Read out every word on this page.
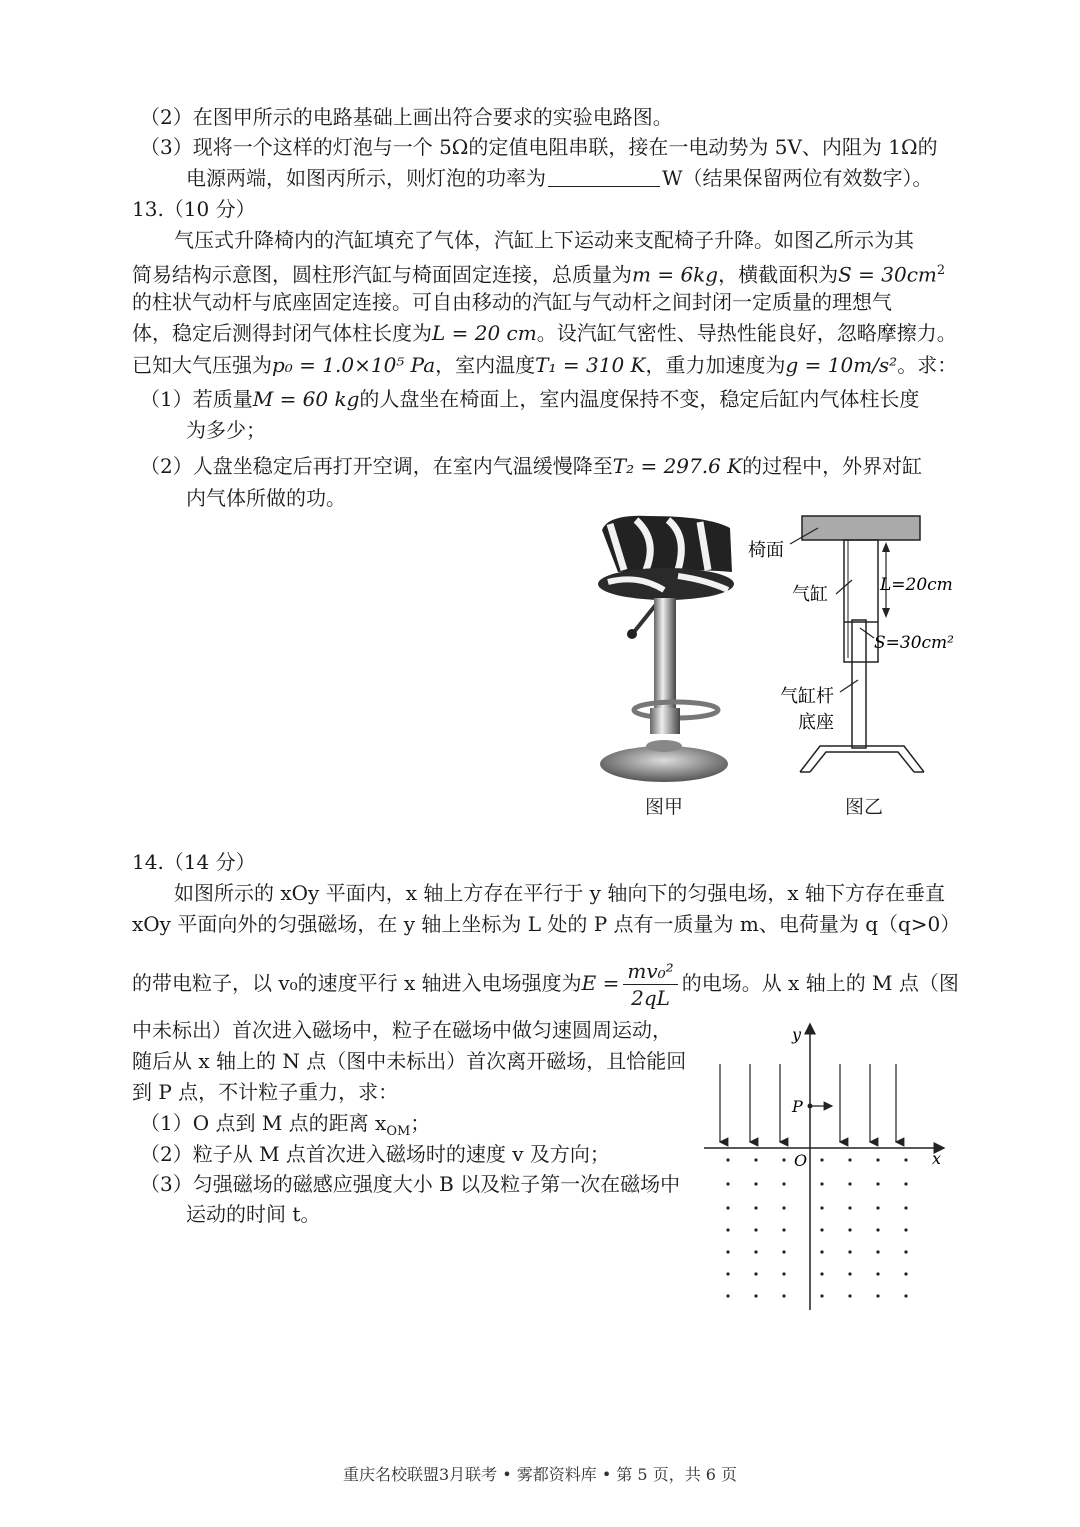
（2）在图甲所示的电路基础上画出符合要求的实验电路图。
（3）现将一个这样的灯泡与一个 5Ω的定值电阻串联，接在一电动势为 5V、内阻为 1Ω的
电源两端，如图丙所示，则灯泡的功率为	W（结果保留两位有效数字）。
13.（10 分）
气压式升降椅内的汽缸填充了气体，汽缸上下运动来支配椅子升降。如图乙所示为其
简易结构示意图，圆柱形汽缸与椅面固定连接，总质量为m = 6kg，横截面积为$S = 30cm^2$
的柱状气动杆与底座固定连接。可自由移动的汽缸与气动杆之间封闭一定质量的理想气
体，稳定后测得封闭气体柱长度为L = 20 cm。设汽缸气密性、导热性能良好，忽略摩擦力。
已知大气压强为p₀ = 1.0×10⁵ Pa，室内温度T₁ = 310 K，重力加速度为g = 10m/s²。求：
（1）若质量M = 60 kg的人盘坐在椅面上，室内温度保持不变，稳定后缸内气体柱长度
为多少；
（2）人盘坐稳定后再打开空调，在室内气温缓慢降至T₂ = 297.6 K的过程中，外界对缸
内气体所做的功。
图甲
椅面
气缸	L=20cm
S=30cm²
气缸杆
底座
图乙
14.（14 分）
如图所示的 xOy 平面内，x 轴上方存在平行于 y 轴向下的匀强电场，x 轴下方存在垂直
xOy 平面向外的匀强磁场，在 y 轴上坐标为 L 处的 P 点有一质量为 m、电荷量为 q（q>0）
的带电粒子，以 v₀的速度平行 x 轴进入电场强度为$E = \frac{\text{mv₀²}}{2qL}$ 的电场。从 x 轴上的 M 点（图
中未标出）首次进入磁场中，粒子在磁场中做匀速圆周运动，
随后从 x 轴上的 N 点（图中未标出）首次离开磁场，且恰能回
到 P 点，不计粒子重力，求：
（1）O 点到 M 点的距离 $x_{OM}$；
（2）粒子从 M 点首次进入磁场时的速度 v 及方向；
（3）匀强磁场的磁感应强度大小 B 以及粒子第一次在磁场中
运动的时间 t。
y
x
O
P
重庆名校联盟3月联考 • 雾都资料库 • 第 5 页，共 6 页
